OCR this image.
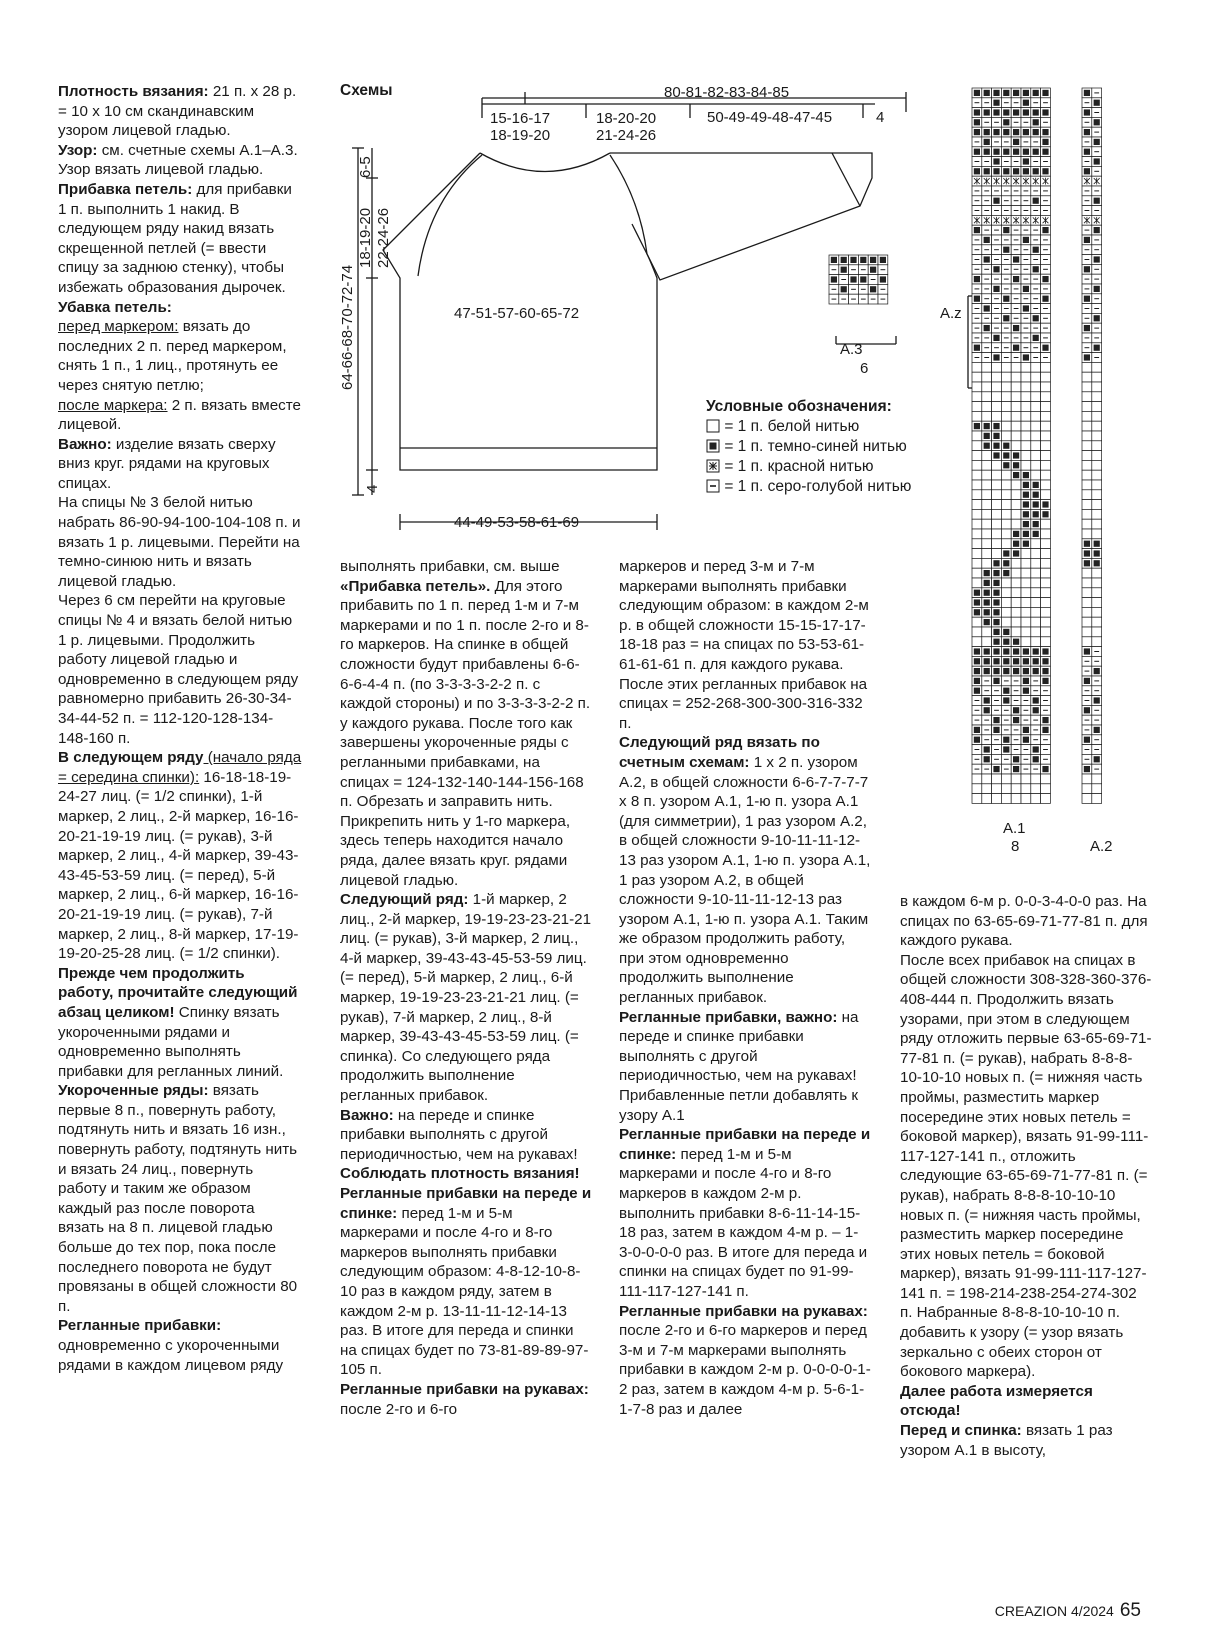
Плотность вязания: 21 п. х 28 р. = 10 х 10 см скандинавским узором лицевой гладью.

Узор: см. счетные схемы А.1–А.3. Узор вязать лицевой гладью.

Прибавка петель: для прибавки 1 п. выполнить 1 накид. В следующем ряду накид вязать скрещенной петлей (= ввести спицу за заднюю стенку), чтобы избежать образования дырочек.

Убавка петель:

перед маркером: вязать до последних 2 п. перед маркером, снять 1 п., 1 лиц., протянуть ее через снятую петлю;

после маркера: 2 п. вязать вместе лицевой.

Важно: изделие вязать сверху вниз круг. рядами на круговых спицах.

На спицы № 3 белой нитью набрать 86-90-94-100-104-108 п. и вязать 1 р. лицевыми. Перейти на темно-синюю нить и вязать лицевой гладью.

Через 6 см перейти на круговые спицы № 4 и вязать белой нитью 1 р. лицевыми. Продолжить работу лицевой гладью и одновременно в следующем ряду равномерно прибавить 26-30-34-34-44-52 п. = 112-120-128-134-148-160 п.

В следующем ряду (начало ряда = середина спинки): 16-18-18-19-24-27 лиц. (= 1/2 спинки), 1-й маркер, 2 лиц., 2-й маркер, 16-16-20-21-19-19 лиц. (= рукав), 3-й маркер, 2 лиц., 4-й маркер, 39-43-43-45-53-59 лиц. (= перед), 5-й маркер, 2 лиц., 6-й маркер, 16-16-20-21-19-19 лиц. (= рукав), 7-й маркер, 2 лиц., 8-й маркер, 17-19-19-20-25-28 лиц. (= 1/2 спинки).

Прежде чем продолжить работу, прочитайте следующий абзац целиком! Спинку вязать укороченными рядами и одновременно выполнять прибавки для регланных линий.

Укороченные ряды: вязать первые 8 п., повернуть работу, подтянуть нить и вязать 16 изн., повернуть работу, подтянуть нить и вязать 24 лиц., повернуть работу и таким же образом каждый раз после поворота вязать на 8 п. лицевой гладью больше до тех пор, пока после последнего поворота не будут провязаны в общей сложности 80 п.

Регланные прибавки: одновременно с укороченными рядами в каждом лицевом ряду

выполнять прибавки, см. выше «Прибавка петель». Для этого прибавить по 1 п. перед 1-м и 7-м маркерами и по 1 п. после 2-го и 8-го маркеров. На спинке в общей сложности будут прибавлены 6-6-6-6-4-4 п. (по 3-3-3-3-2-2 п. с каждой стороны) и по 3-3-3-3-2-2 п. у каждого рукава. После того как завершены укороченные ряды с регланными прибавками, на спицах = 124-132-140-144-156-168 п. Обрезать и заправить нить. Прикрепить нить у 1-го маркера, здесь теперь находится начало ряда, далее вязать круг. рядами лицевой гладью.

Следующий ряд: 1-й маркер, 2 лиц., 2-й маркер, 19-19-23-23-21-21 лиц. (= рукав), 3-й маркер, 2 лиц., 4-й маркер, 39-43-43-45-53-59 лиц. (= перед), 5-й маркер, 2 лиц., 6-й маркер, 19-19-23-23-21-21 лиц. (= рукав), 7-й маркер, 2 лиц., 8-й маркер, 39-43-43-45-53-59 лиц. (= спинка). Со следующего ряда продолжить выполнение регланных прибавок.

Важно: на переде и спинке прибавки выполнять с другой периодичностью, чем на рукавах!

Соблюдать плотность вязания!

Регланные прибавки на переде и спинке: перед 1-м и 5-м маркерами и после 4-го и 8-го маркеров выполнять прибавки следующим образом: 4-8-12-10-8-10 раз в каждом ряду, затем в каждом 2-м р. 13-11-11-12-14-13 раз. В итоге для переда и спинки на спицах будет по 73-81-89-89-97-105 п.

Регланные прибавки на рукавах: после 2-го и 6-го

маркеров и перед 3-м и 7-м маркерами выполнять прибавки следующим образом: в каждом 2-м р. в общей сложности 15-15-17-17-18-18 раз = на спицах по 53-53-61-61-61-61 п. для каждого рукава.

После этих регланных прибавок на спицах = 252-268-300-300-316-332 п.

Следующий ряд вязать по счетным схемам: 1 х 2 п. узором А.2, в общей сложности 6-6-7-7-7-7 х 8 п. узором А.1, 1-ю п. узора А.1 (для симметрии), 1 раз узором А.2, в общей сложности 9-10-11-11-12-13 раз узором А.1, 1-ю п. узора А.1, 1 раз узором А.2, в общей сложности 9-10-11-11-12-13 раз узором А.1, 1-ю п. узора А.1. Таким же образом продолжить работу, при этом одновременно продолжить выполнение регланных прибавок.

Регланные прибавки, важно: на переде и спинке прибавки выполнять с другой периодичностью, чем на рукавах! Прибавленные петли добавлять к узору А.1

Регланные прибавки на переде и спинке: перед 1-м и 5-м маркерами и после 4-го и 8-го маркеров в каждом 2-м р. выполнить прибавки 8-6-11-14-15-18 раз, затем в каждом 4-м р. – 1-3-0-0-0-0 раз. В итоге для переда и спинки на спицах будет по 91-99-111-117-127-141 п.

Регланные прибавки на рукавах: после 2-го и 6-го маркеров и перед 3-м и 7-м маркерами выполнять прибавки в каждом 2-м р. 0-0-0-0-1-2 раз, затем в каждом 4-м р. 5-6-1-1-7-8 раз и далее

в каждом 6-м р. 0-0-3-4-0-0 раз. На спицах по 63-65-69-71-77-81 п. для каждого рукава.

После всех прибавок на спицах в общей сложности 308-328-360-376-408-444 п. Продолжить вязать узорами, при этом в следующем ряду отложить первые 63-65-69-71-77-81 п. (= рукав), набрать 8-8-8-10-10-10 новых п. (= нижняя часть проймы, разместить маркер посередине этих новых петель = боковой маркер), вязать 91-99-111-117-127-141 п., отложить следующие 63-65-69-71-77-81 п. (= рукав), набрать 8-8-8-10-10-10 новых п. (= нижняя часть проймы, разместить маркер посередине этих новых петель = боковой маркер), вязать 91-99-111-117-127-141 п. = 198-214-238-254-274-302 п. Набранные 8-8-8-10-10-10 п. добавить к узору (= узор вязать зеркально с обеих сторон от бокового маркера).

Далее работа измеряется отсюда!

Перед и спинка: вязать 1 раз узором А.1 в высоту,

Схемы	80-81-82-83-84-85
15-16-17
18-19-20
18-20-20
21-24-26
50-49-49-48-47-45	4
47-51-57-60-65-72
44-49-53-58-61-69
6-5
18-19-20 22-24-26
64-66-68-70-72-74
4
А.3
6
А.z
А.1
8	А.2
Условные обозначения:
= 1 п. белой нитью
= 1 п. темно-синей нитью
= 1 п. красной нитью
= 1 п. серо-голубой нитью
CREAZION 4/2024 65
